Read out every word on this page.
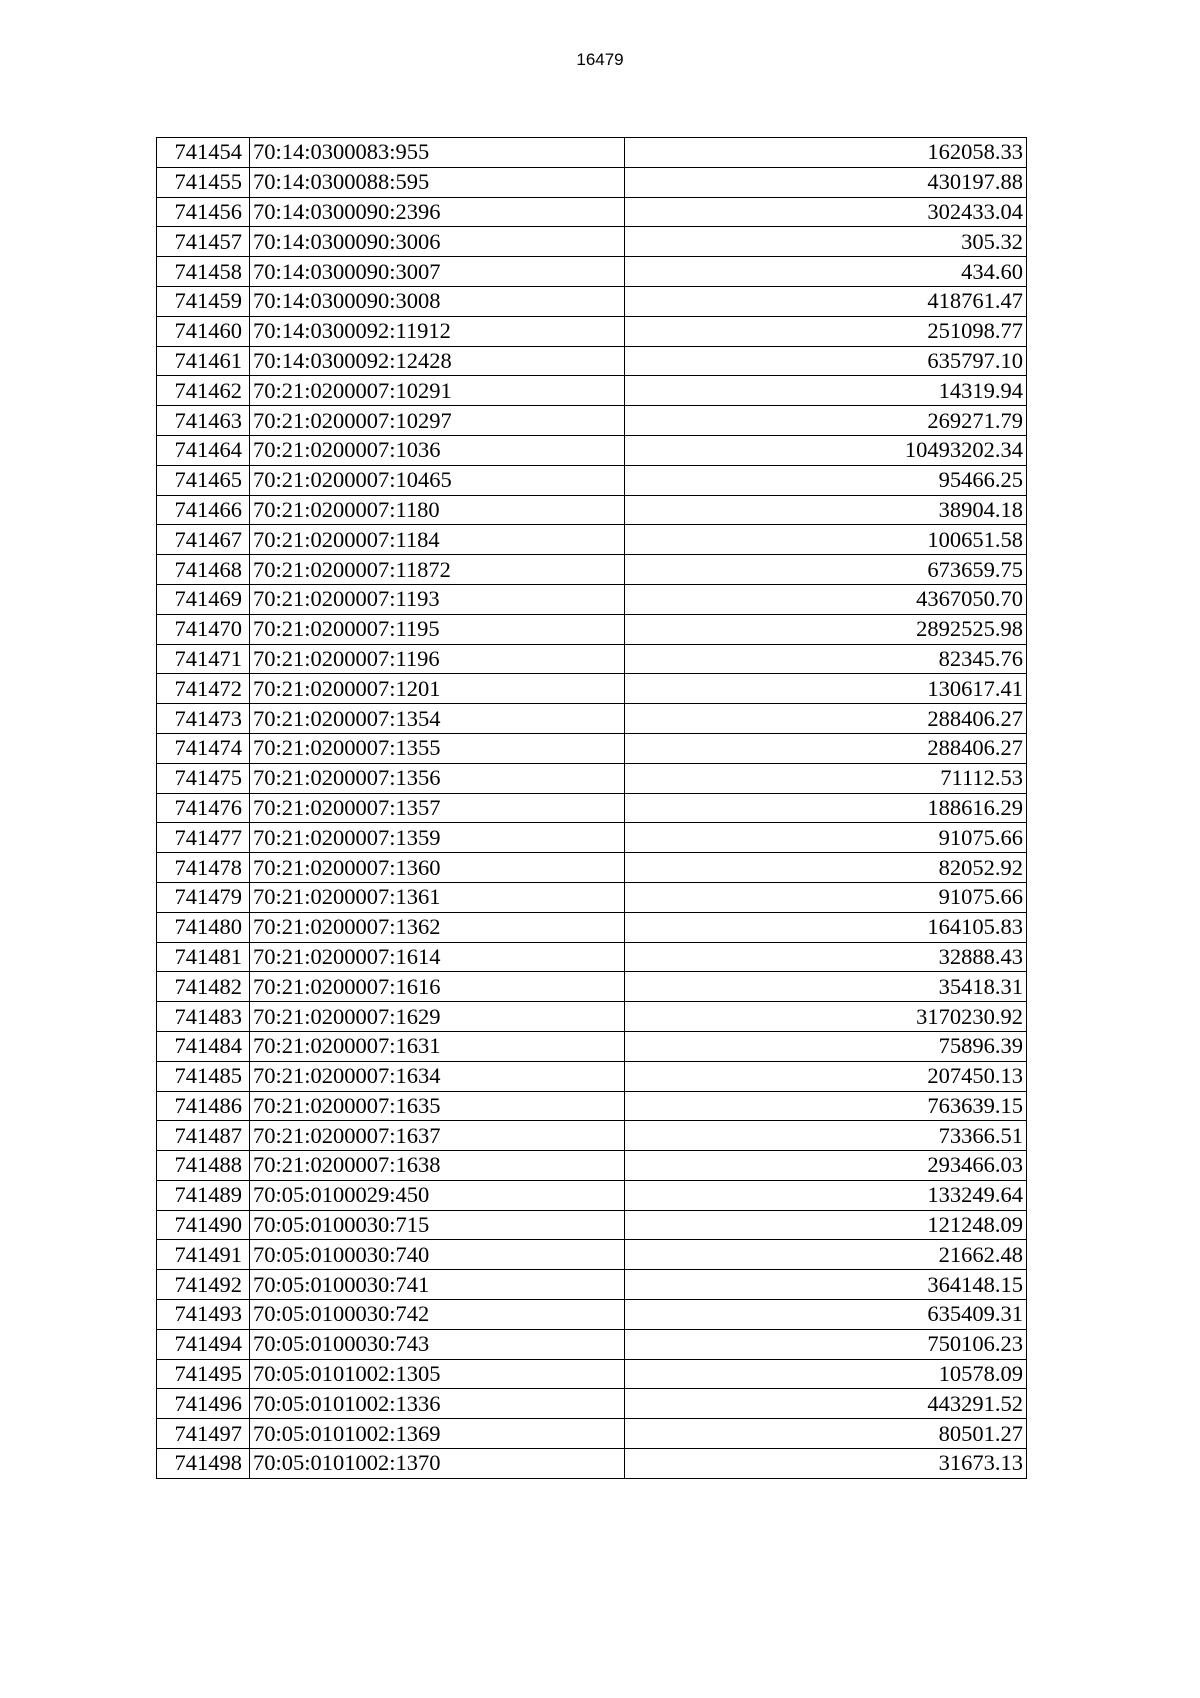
16479
741454	70:14:0300083:955	162058.33
741455	70:14:0300088:595	430197.88
741456	70:14:0300090:2396	302433.04
741457	70:14:0300090:3006	305.32
741458	70:14:0300090:3007	434.60
741459	70:14:0300090:3008	418761.47
741460	70:14:0300092:11912	251098.77
741461	70:14:0300092:12428	635797.10
741462	70:21:0200007:10291	14319.94
741463	70:21:0200007:10297	269271.79
741464	70:21:0200007:1036	10493202.34
741465	70:21:0200007:10465	95466.25
741466	70:21:0200007:1180	38904.18
741467	70:21:0200007:1184	100651.58
741468	70:21:0200007:11872	673659.75
741469	70:21:0200007:1193	4367050.70
741470	70:21:0200007:1195	2892525.98
741471	70:21:0200007:1196	82345.76
741472	70:21:0200007:1201	130617.41
741473	70:21:0200007:1354	288406.27
741474	70:21:0200007:1355	288406.27
741475	70:21:0200007:1356	71112.53
741476	70:21:0200007:1357	188616.29
741477	70:21:0200007:1359	91075.66
741478	70:21:0200007:1360	82052.92
741479	70:21:0200007:1361	91075.66
741480	70:21:0200007:1362	164105.83
741481	70:21:0200007:1614	32888.43
741482	70:21:0200007:1616	35418.31
741483	70:21:0200007:1629	3170230.92
741484	70:21:0200007:1631	75896.39
741485	70:21:0200007:1634	207450.13
741486	70:21:0200007:1635	763639.15
741487	70:21:0200007:1637	73366.51
741488	70:21:0200007:1638	293466.03
741489	70:05:0100029:450	133249.64
741490	70:05:0100030:715	121248.09
741491	70:05:0100030:740	21662.48
741492	70:05:0100030:741	364148.15
741493	70:05:0100030:742	635409.31
741494	70:05:0100030:743	750106.23
741495	70:05:0101002:1305	10578.09
741496	70:05:0101002:1336	443291.52
741497	70:05:0101002:1369	80501.27
741498	70:05:0101002:1370	31673.13
